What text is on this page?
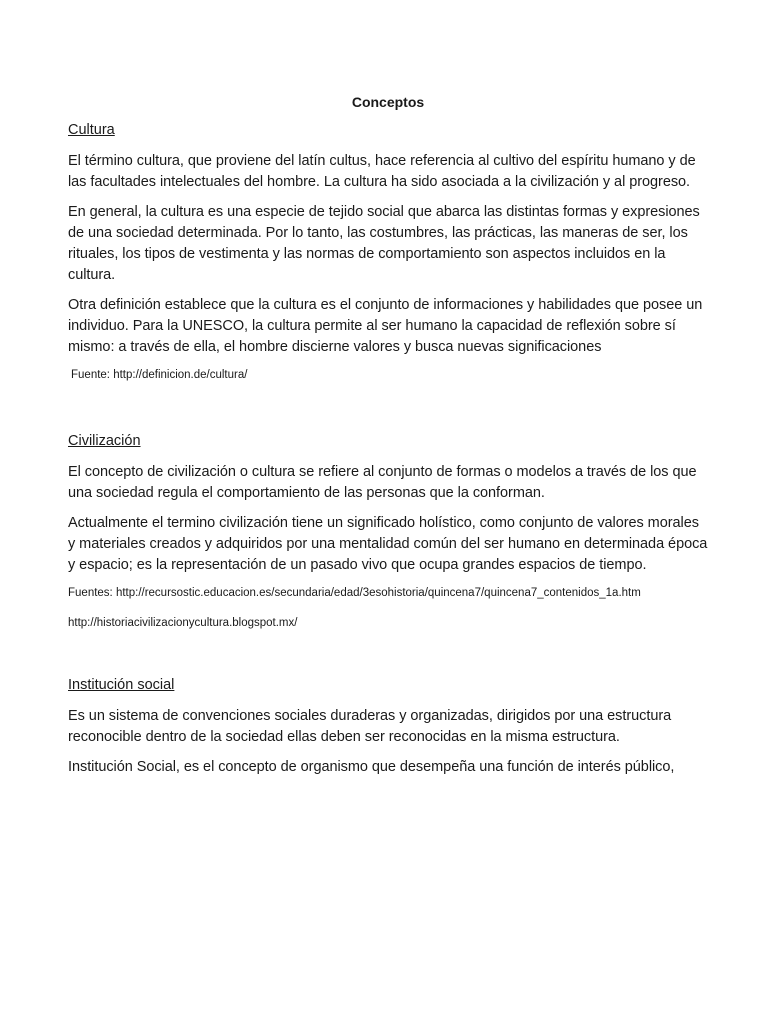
Conceptos
Cultura

El término cultura, que proviene del latín cultus, hace referencia al cultivo del espíritu humano y de las facultades intelectuales del hombre. La cultura ha sido asociada a la civilización y al progreso.

En general, la cultura es una especie de tejido social que abarca las distintas formas y expresiones de una sociedad determinada. Por lo tanto, las costumbres, las prácticas, las maneras de ser, los rituales, los tipos de vestimenta y las normas de comportamiento son aspectos incluidos en la cultura.

Otra definición establece que la cultura es el conjunto de informaciones y habilidades que posee un individuo. Para la UNESCO, la cultura permite al ser humano la capacidad de reflexión sobre sí mismo: a través de ella, el hombre discierne valores y busca nuevas significaciones

Fuente: http://definicion.de/cultura/
Civilización

El concepto de civilización o cultura se refiere al conjunto de formas o modelos a través de los que una sociedad regula el comportamiento de las personas que la conforman.

Actualmente el termino civilización tiene un significado holístico, como conjunto de valores morales y materiales creados y adquiridos por una mentalidad común del ser humano en determinada época y espacio; es la representación de un pasado vivo que ocupa grandes espacios de tiempo.

Fuentes: http://recursostic.educacion.es/secundaria/edad/3esohistoria/quincena7/quincena7_contenidos_1a.htm
http://historiacivilizacionycultura.blogspot.mx/
Institución social

Es un sistema de convenciones sociales duraderas y organizadas, dirigidos por una estructura reconocible dentro de la sociedad ellas deben ser reconocidas en la misma estructura.

Institución Social, es el concepto de organismo que desempeña una función de interés público,
